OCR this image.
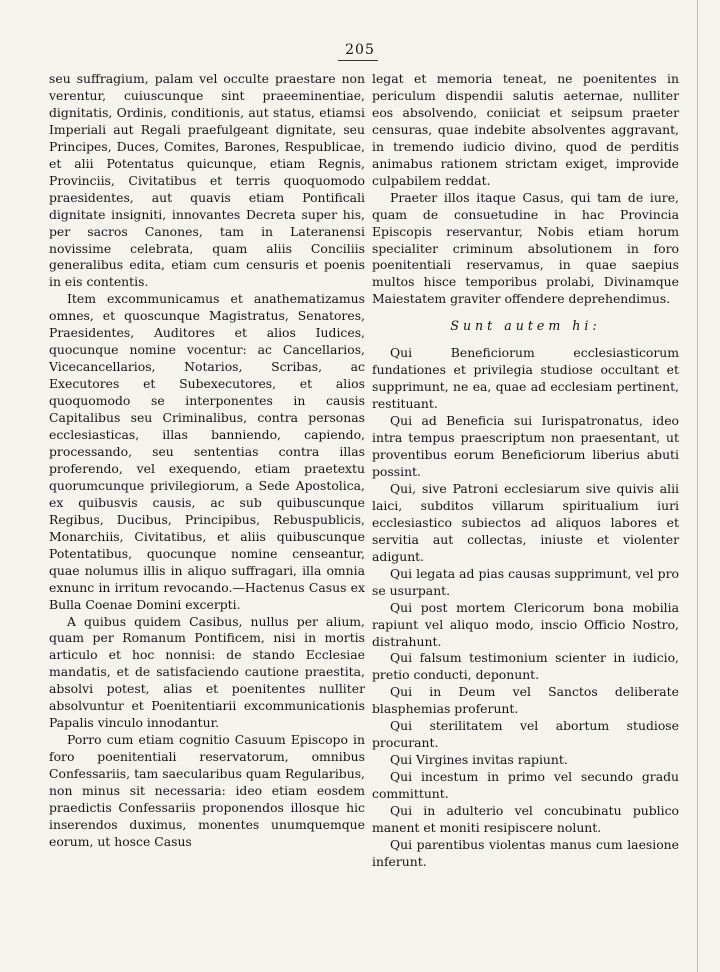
205

seu suffragium, palam vel occulte praestare non verentur, cuiuscunque sint praeeminentiae, dignitatis, Ordinis, conditionis, aut status, etiamsi Imperiali aut Regali praefulgeant dignitate, seu Principes, Duces, Comites, Barones, Respublicae, et alii Potentatus quicunque, etiam Regnis, Provinciis, Civitatibus et terris quoquomodo praesidentes, aut quavis etiam Pontificali dignitate insigniti, innovantes Decreta super his, per sacros Canones, tam in Lateranensi novissime celebrata, quam aliis Conciliis generalibus edita, etiam cum censuris et poenis in eis contentis.

Item excommunicamus et anathematizamus omnes, et quoscunque Magistratus, Senatores, Praesidentes, Auditores et alios Iudices, quocunque nomine vocentur: ac Cancellarios, Vicecancellarios, Notarios, Scribas, ac Executores et Subexecutores, et alios quoquomodo se interponentes in causis Capitalibus seu Criminalibus, contra personas ecclesiasticas, illas banniendo, capiendo, processando, seu sententias contra illas proferendo, vel exequendo, etiam praetextu quorumcunque privilegiorum, a Sede Apostolica, ex quibusvis causis, ac sub quibuscunque Regibus, Ducibus, Principibus, Rebuspublicis, Monarchiis, Civitatibus, et aliis quibuscunque Potentatibus, quocunque nomine censeantur, quae nolumus illis in aliquo suffragari, illa omnia exnunc in irritum revocando.—Hactenus Casus ex Bulla Coenae Domini excerpti.

A quibus quidem Casibus, nullus per alium, quam per Romanum Pontificem, nisi in mortis articulo et hoc nonnisi: de stando Ecclesiae mandatis, et de satisfaciendo cautione praestita, absolvi potest, alias et poenitentes nulliter absolvuntur et Poenitentiarii excommunicationis Papalis vinculo innodantur.

Porro cum etiam cognitio Casuum Episcopo in foro poenitentiali reservatorum, omnibus Confessariis, tam saecularibus quam Regularibus, non minus sit necessaria: ideo etiam eosdem praedictis Confessariis proponendos illosque hic inserendos duximus, monentes unumquemque eorum, ut hosce Casus

legat et memoria teneat, ne poenitentes in periculum dispendii salutis aeternae, nulliter eos absolvendo, coniiciat et seipsum praeter censuras, quae indebite absolventes aggravant, in tremendo iudicio divino, quod de perditis animabus rationem strictam exiget, improvide culpabilem reddat.

Praeter illos itaque Casus, qui tam de iure, quam de consuetudine in hac Provincia Episcopis reservantur, Nobis etiam horum specialiter criminum absolutionem in foro poenitentiali reservamus, in quae saepius multos hisce temporibus prolabi, Divinamque Maiestatem graviter offendere deprehendimus.

Sunt autem hi:

Qui Beneficiorum ecclesiasticorum fundationes et privilegia studiose occultant et supprimunt, ne ea, quae ad ecclesiam pertinent, restituant.

Qui ad Beneficia sui Iurispatronatus, ideo intra tempus praescriptum non praesentant, ut proventibus eorum Beneficiorum liberius abuti possint.

Qui, sive Patroni ecclesiarum sive quivis alii laici, subditos villarum spiritualium iuri ecclesiastico subiectos ad aliquos labores et servitia aut collectas, iniuste et violenter adigunt.

Qui legata ad pias causas supprimunt, vel pro se usurpant.

Qui post mortem Clericorum bona mobilia rapiunt vel aliquo modo, inscio Officio Nostro, distrahunt.

Qui falsum testimonium scienter in iudicio, pretio conducti, deponunt.

Qui in Deum vel Sanctos deliberate blasphemias proferunt.

Qui sterilitatem vel abortum studiose procurant.

Qui Virgines invitas rapiunt.

Qui incestum in primo vel secundo gradu committunt.

Qui in adulterio vel concubinatu publico manent et moniti resipiscere nolunt.

Qui parentibus violentas manus cum laesione inferunt.
